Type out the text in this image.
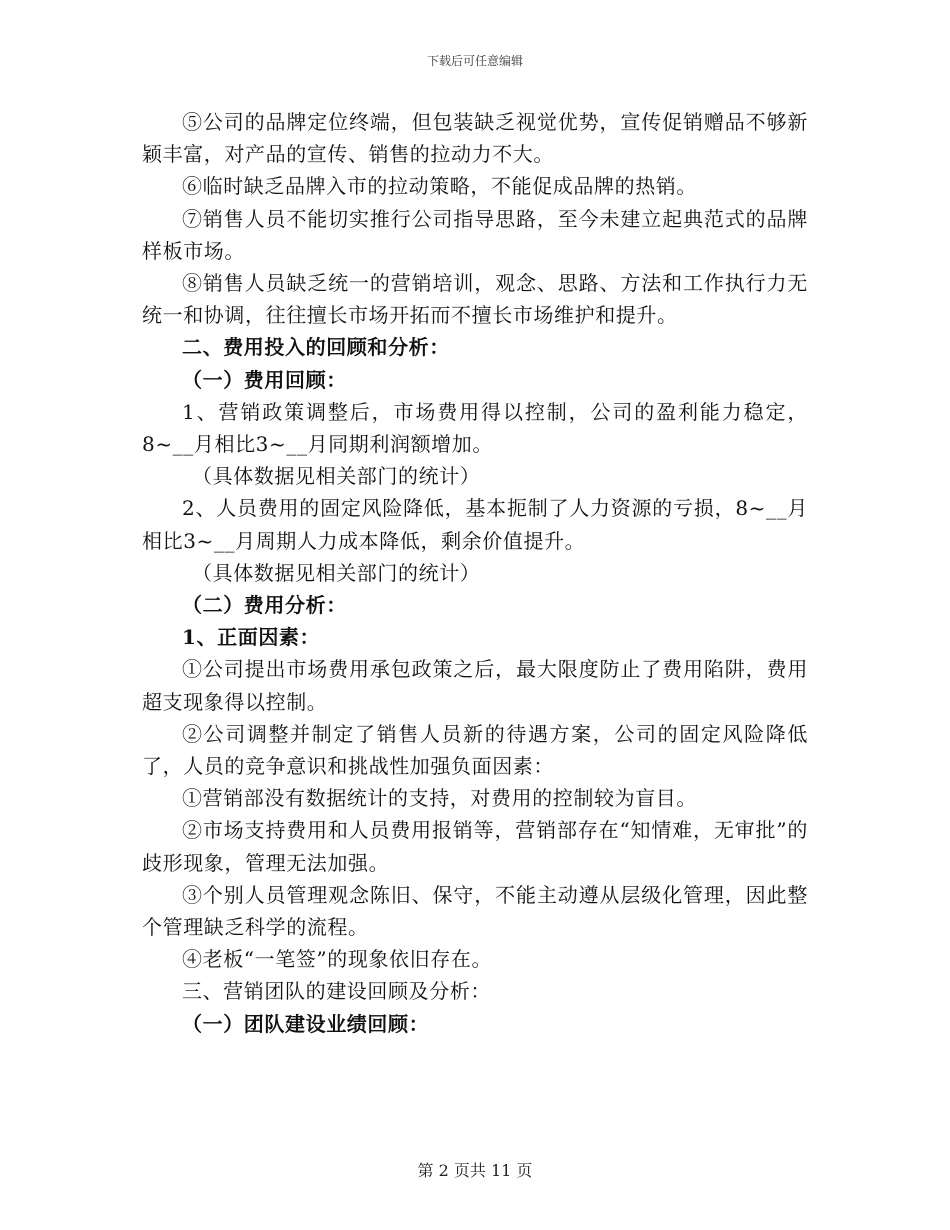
下载后可任意编辑

⑤公司的品牌定位终端，但包装缺乏视觉优势，宣传促销赠品不够新颖丰富，对产品的宣传、销售的拉动力不大。

⑥临时缺乏品牌入市的拉动策略，不能促成品牌的热销。

⑦销售人员不能切实推行公司指导思路，至今未建立起典范式的品牌样板市场。

⑧销售人员缺乏统一的营销培训，观念、思路、方法和工作执行力无统一和协调，往往擅长市场开拓而不擅长市场维护和提升。

二、费用投入的回顾和分析：

（一）费用回顾：

1、营销政策调整后，市场费用得以控制，公司的盈利能力稳定，8~__月相比3~__月同期利润额增加。

（具体数据见相关部门的统计）

2、人员费用的固定风险降低，基本扼制了人力资源的亏损，8~__月相比3~__月周期人力成本降低，剩余价值提升。

（具体数据见相关部门的统计）

（二）费用分析：

1、正面因素：

①公司提出市场费用承包政策之后，最大限度防止了费用陷阱，费用超支现象得以控制。

②公司调整并制定了销售人员新的待遇方案，公司的固定风险降低了，人员的竞争意识和挑战性加强负面因素：

①营销部没有数据统计的支持，对费用的控制较为盲目。

②市场支持费用和人员费用报销等，营销部存在“知情难，无审批”的歧形现象，管理无法加强。

③个别人员管理观念陈旧、保守，不能主动遵从层级化管理，因此整个管理缺乏科学的流程。

④老板“一笔签”的现象依旧存在。

三、营销团队的建设回顾及分析：

（一）团队建设业绩回顾：

第 2 页共 11 页
